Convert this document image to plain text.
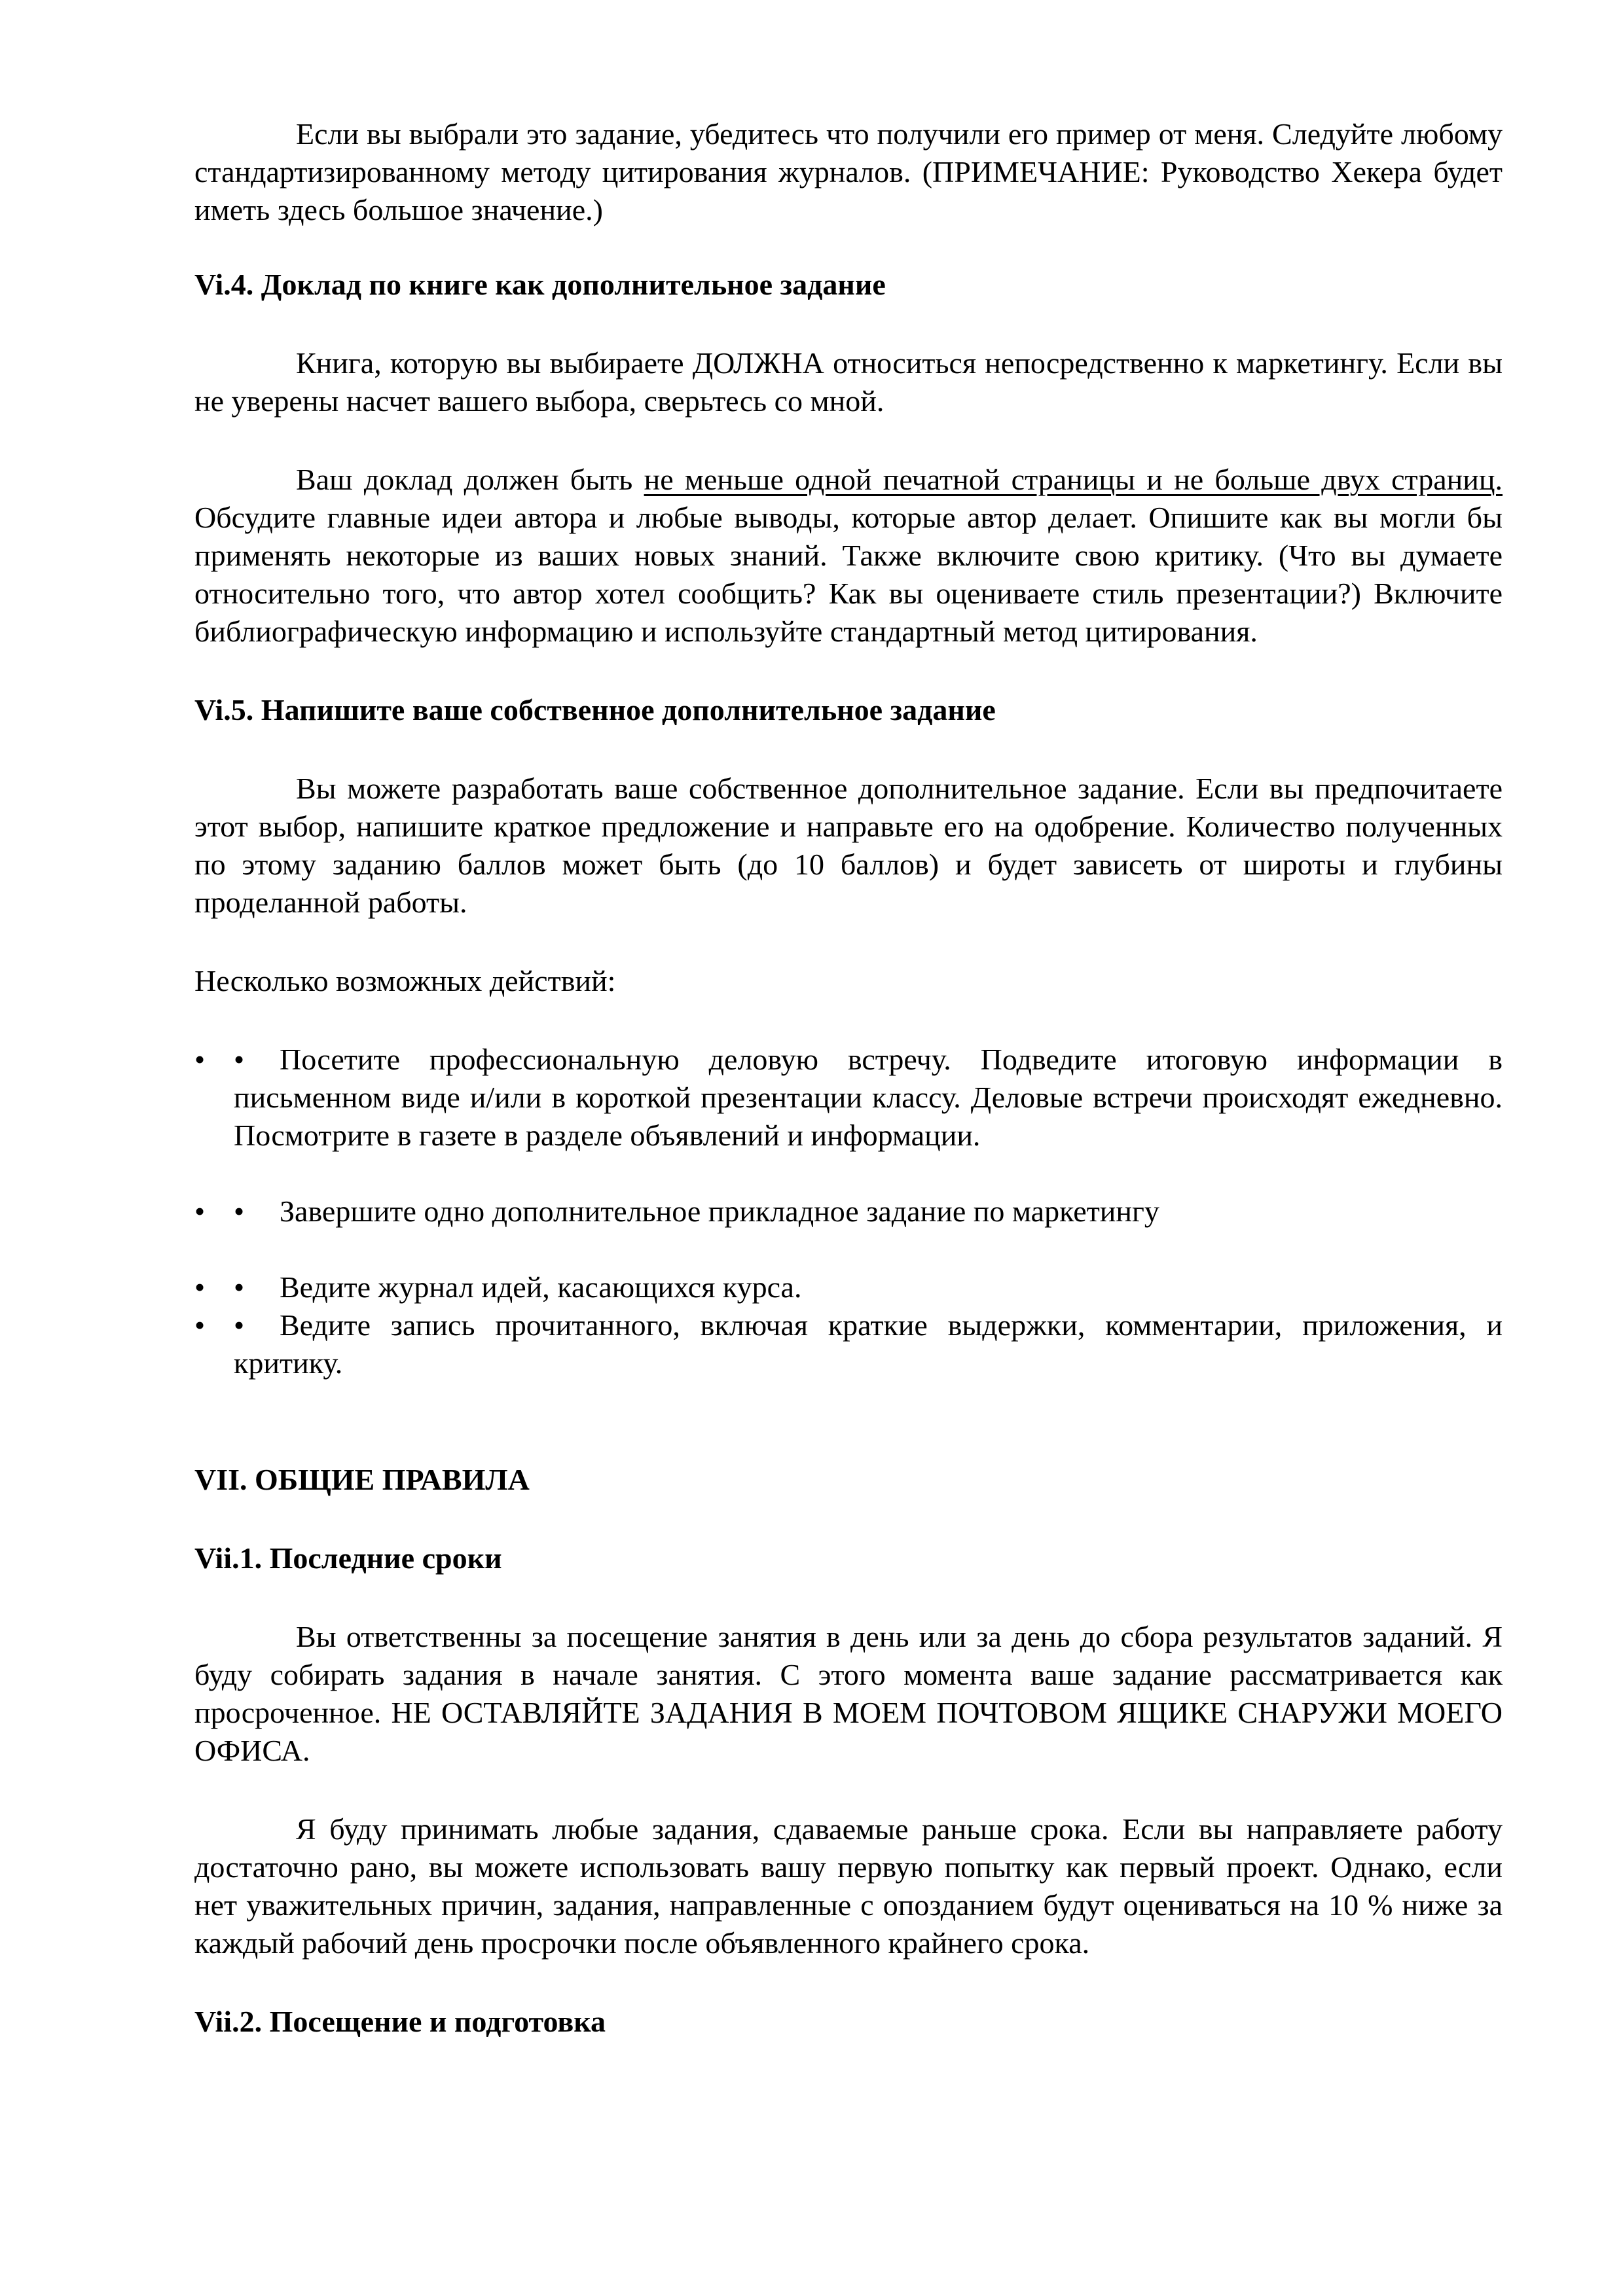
Если вы выбрали это задание, убедитесь что получили его пример от меня. Следуйте любому стандартизированному методу цитирования журналов. (ПРИМЕЧАНИЕ: Руководство Хекера будет иметь здесь большое значение.)

Vi.4. Доклад по книге как дополнительное задание

Книга, которую вы выбираете ДОЛЖНА относиться непосредственно к маркетингу. Если вы не уверены насчет вашего выбора, сверьтесь со мной.

Ваш доклад должен быть не меньше одной печатной страницы и не больше двух страниц. Обсудите главные идеи автора и любые выводы, которые автор делает. Опишите как вы могли бы применять некоторые из ваших новых знаний. Также включите свою критику. (Что вы думаете относительно того, что автор хотел сообщить? Как вы оцениваете стиль презентации?) Включите библиографическую информацию и используйте стандартный метод цитирования.

Vi.5. Напишите ваше собственное дополнительное задание

Вы можете разработать ваше собственное дополнительное задание. Если вы предпочитаете этот выбор, напишите краткое предложение и направьте его на одобрение. Количество полученных по этому заданию баллов может быть (до 10 баллов) и будет зависеть от широты и глубины проделанной работы.

Несколько возможных действий:

• • Посетите профессиональную деловую встречу. Подведите итоговую информации в письменном виде и/или в короткой презентации классу. Деловые встречи происходят ежедневно. Посмотрите в газете в разделе объявлений и информации.
• • Завершите одно дополнительное прикладное задание по маркетингу
• • Ведите журнал идей, касающихся курса.
• • Ведите запись прочитанного, включая краткие выдержки, комментарии, приложения, и критику.
VII. ОБЩИЕ ПРАВИЛА
Vii.1. Последние сроки

Вы ответственны за посещение занятия в день или за день до сбора результатов заданий. Я буду собирать задания в начале занятия. С этого момента ваше задание рассматривается как просроченное. НЕ ОСТАВЛЯЙТЕ ЗАДАНИЯ В МОЕМ ПОЧТОВОМ ЯЩИКЕ СНАРУЖИ МОЕГО ОФИСА.

Я буду принимать любые задания, сдаваемые раньше срока. Если вы направляете работу достаточно рано, вы можете использовать вашу первую попытку как первый проект. Однако, если нет уважительных причин, задания, направленные с опозданием будут оцениваться на 10 % ниже за каждый рабочий день просрочки после объявленного крайнего срока.

Vii.2. Посещение и подготовка
